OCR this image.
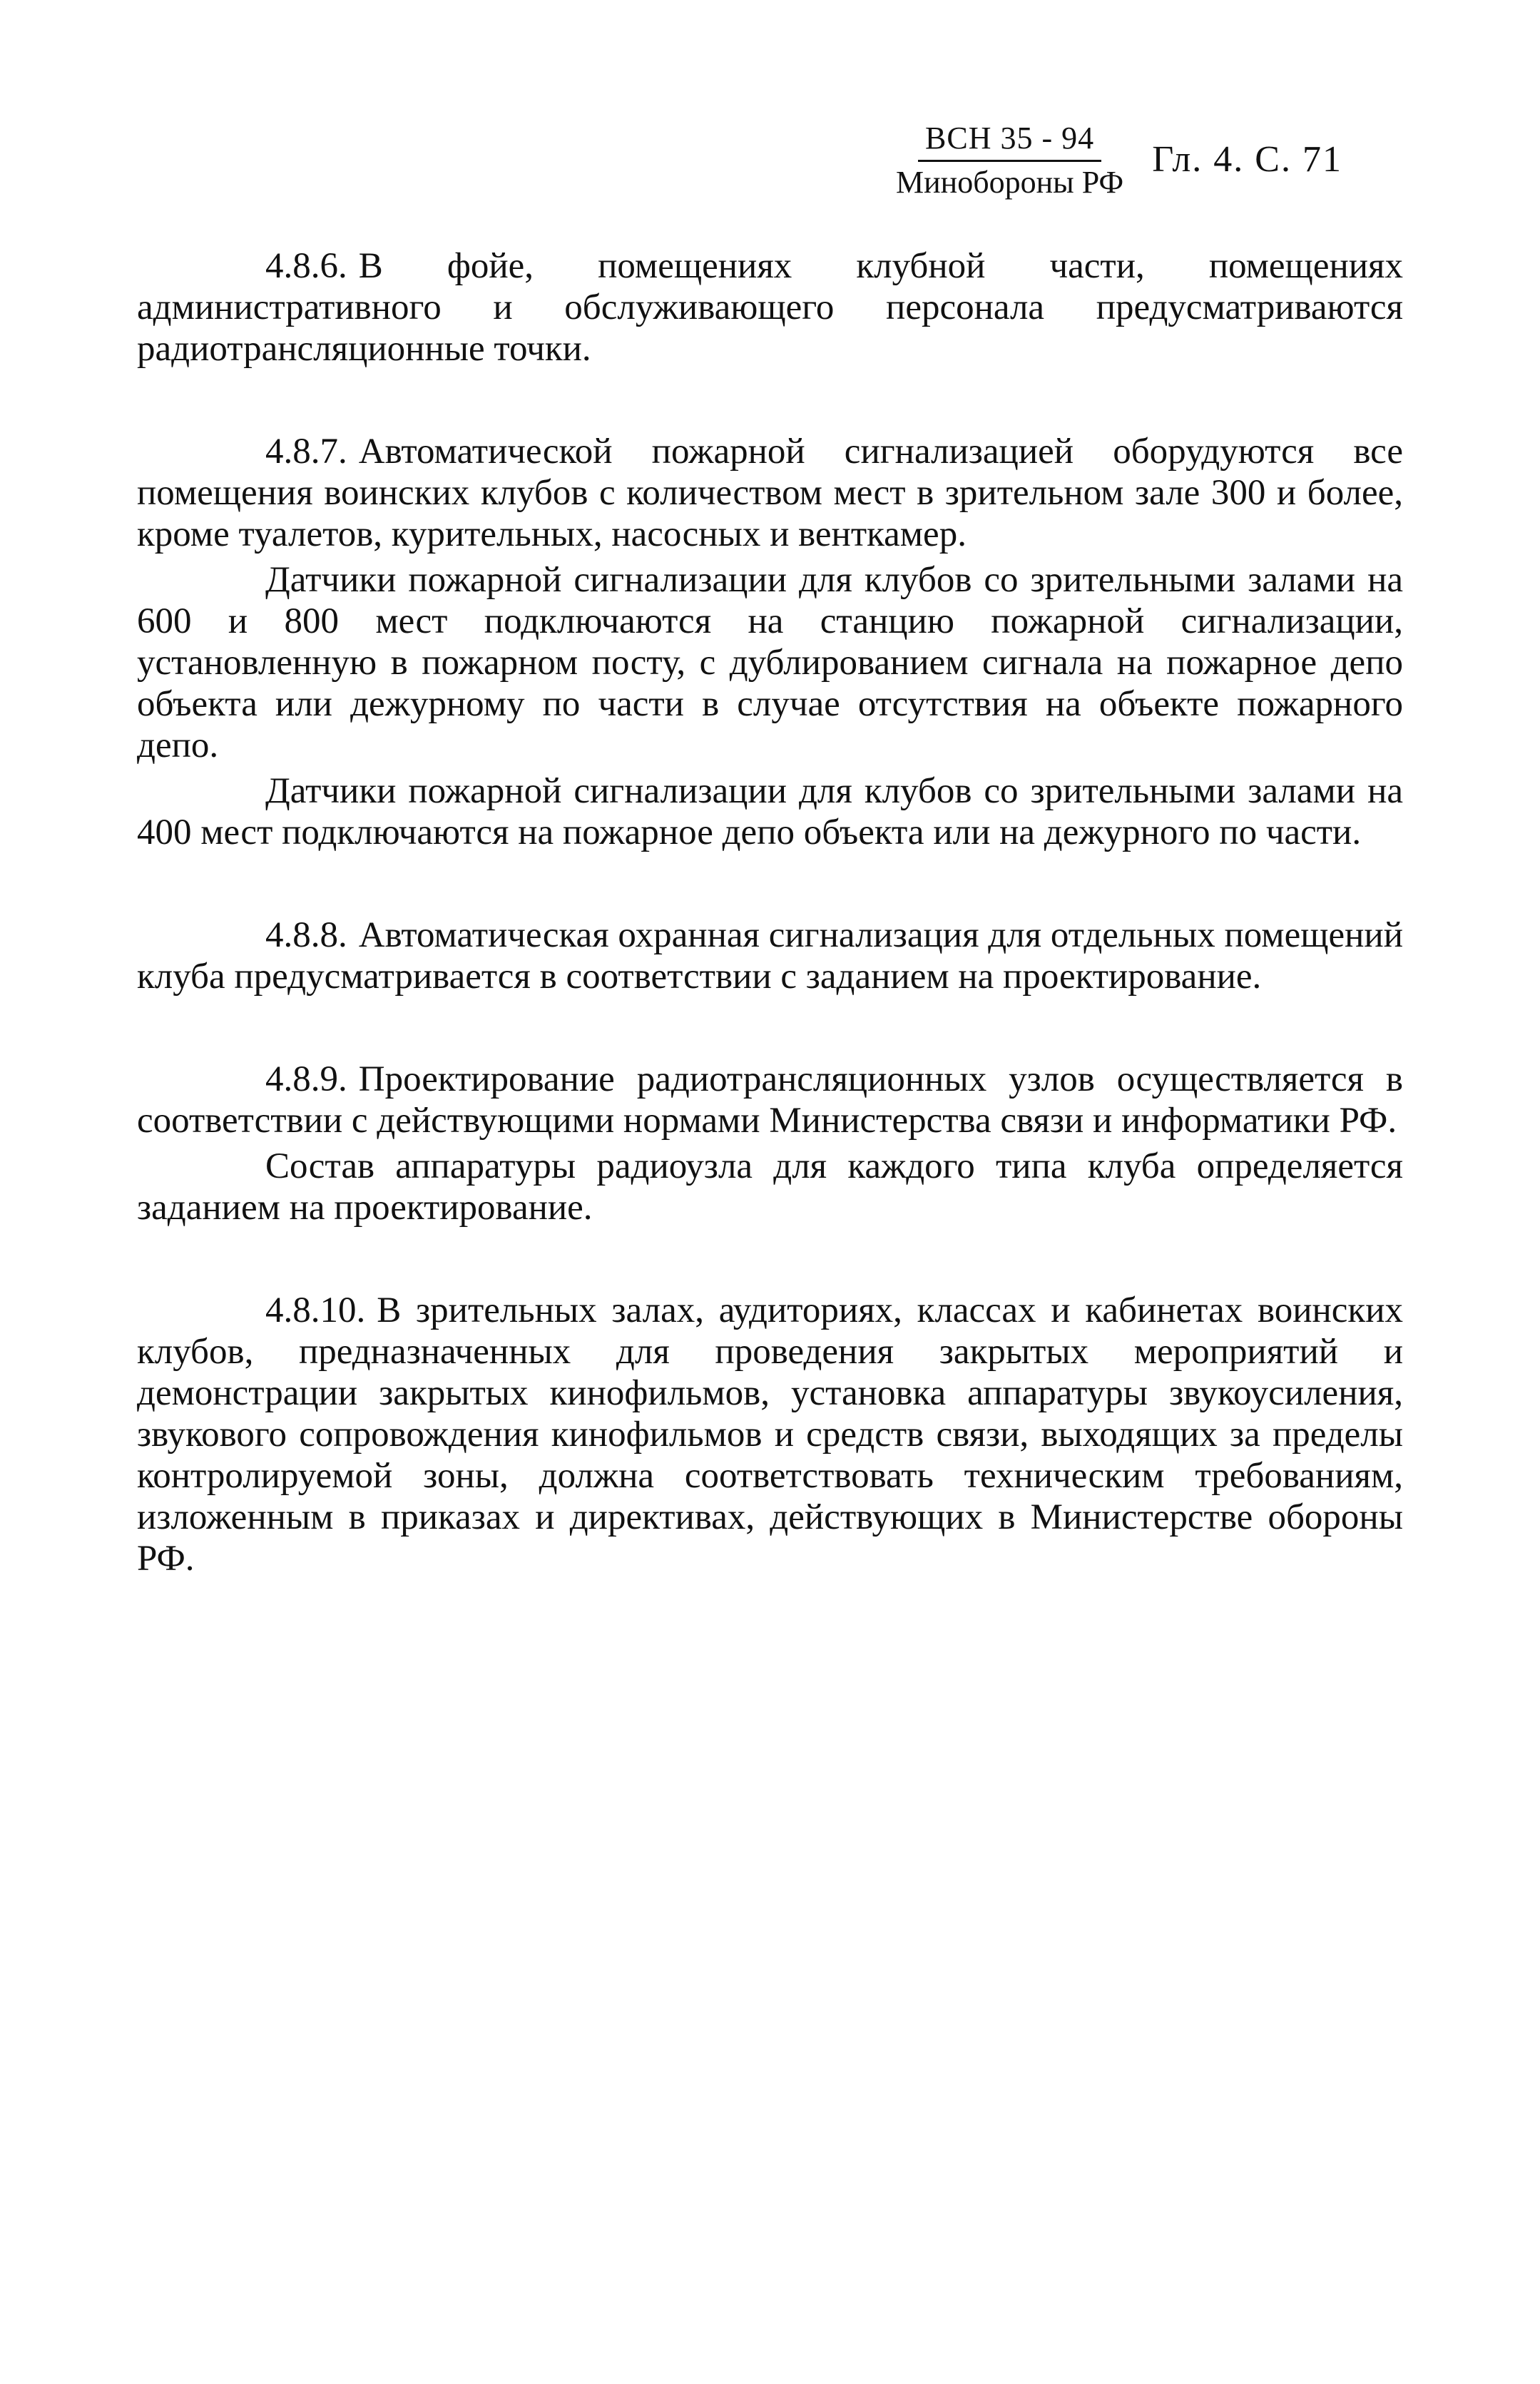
ВСН 35 - 94
Минобороны РФ
Гл. 4. С. 71

4.8.6. В фойе, помещениях клубной части, помещениях административного и обслуживающего персонала предусматриваются радиотрансляционные точки.

4.8.7. Автоматической пожарной сигнализацией оборудуются все помещения воинских клубов с количеством мест в зрительном зале 300 и более, кроме туалетов, курительных, насосных и венткамер.

Датчики пожарной сигнализации для клубов со зрительными залами на 600 и 800 мест подключаются на станцию пожарной сигнализации, установленную в пожарном посту, с дублированием сигнала на пожарное депо объекта или дежурному по части в случае отсутствия на объекте пожарного депо.

Датчики пожарной сигнализации для клубов со зрительными залами на 400 мест подключаются на пожарное депо объекта или на дежурного по части.

4.8.8. Автоматическая охранная сигнализация для отдельных помещений клуба предусматривается в соответствии с заданием на проектирование.

4.8.9. Проектирование радиотрансляционных узлов осуществляется в соответствии с действующими нормами Министерства связи и информатики РФ.

Состав аппаратуры радиоузла для каждого типа клуба определяется заданием на проектирование.

4.8.10. В зрительных залах, аудиториях, классах и кабинетах воинских клубов, предназначенных для проведения закрытых мероприятий и демонстрации закрытых кинофильмов, установка аппаратуры звукоусиления, звукового сопровождения кинофильмов и средств связи, выходящих за пределы контролируемой зоны, должна соответствовать техническим требованиям, изложенным в приказах и директивах, действующих в Министерстве обороны РФ.
